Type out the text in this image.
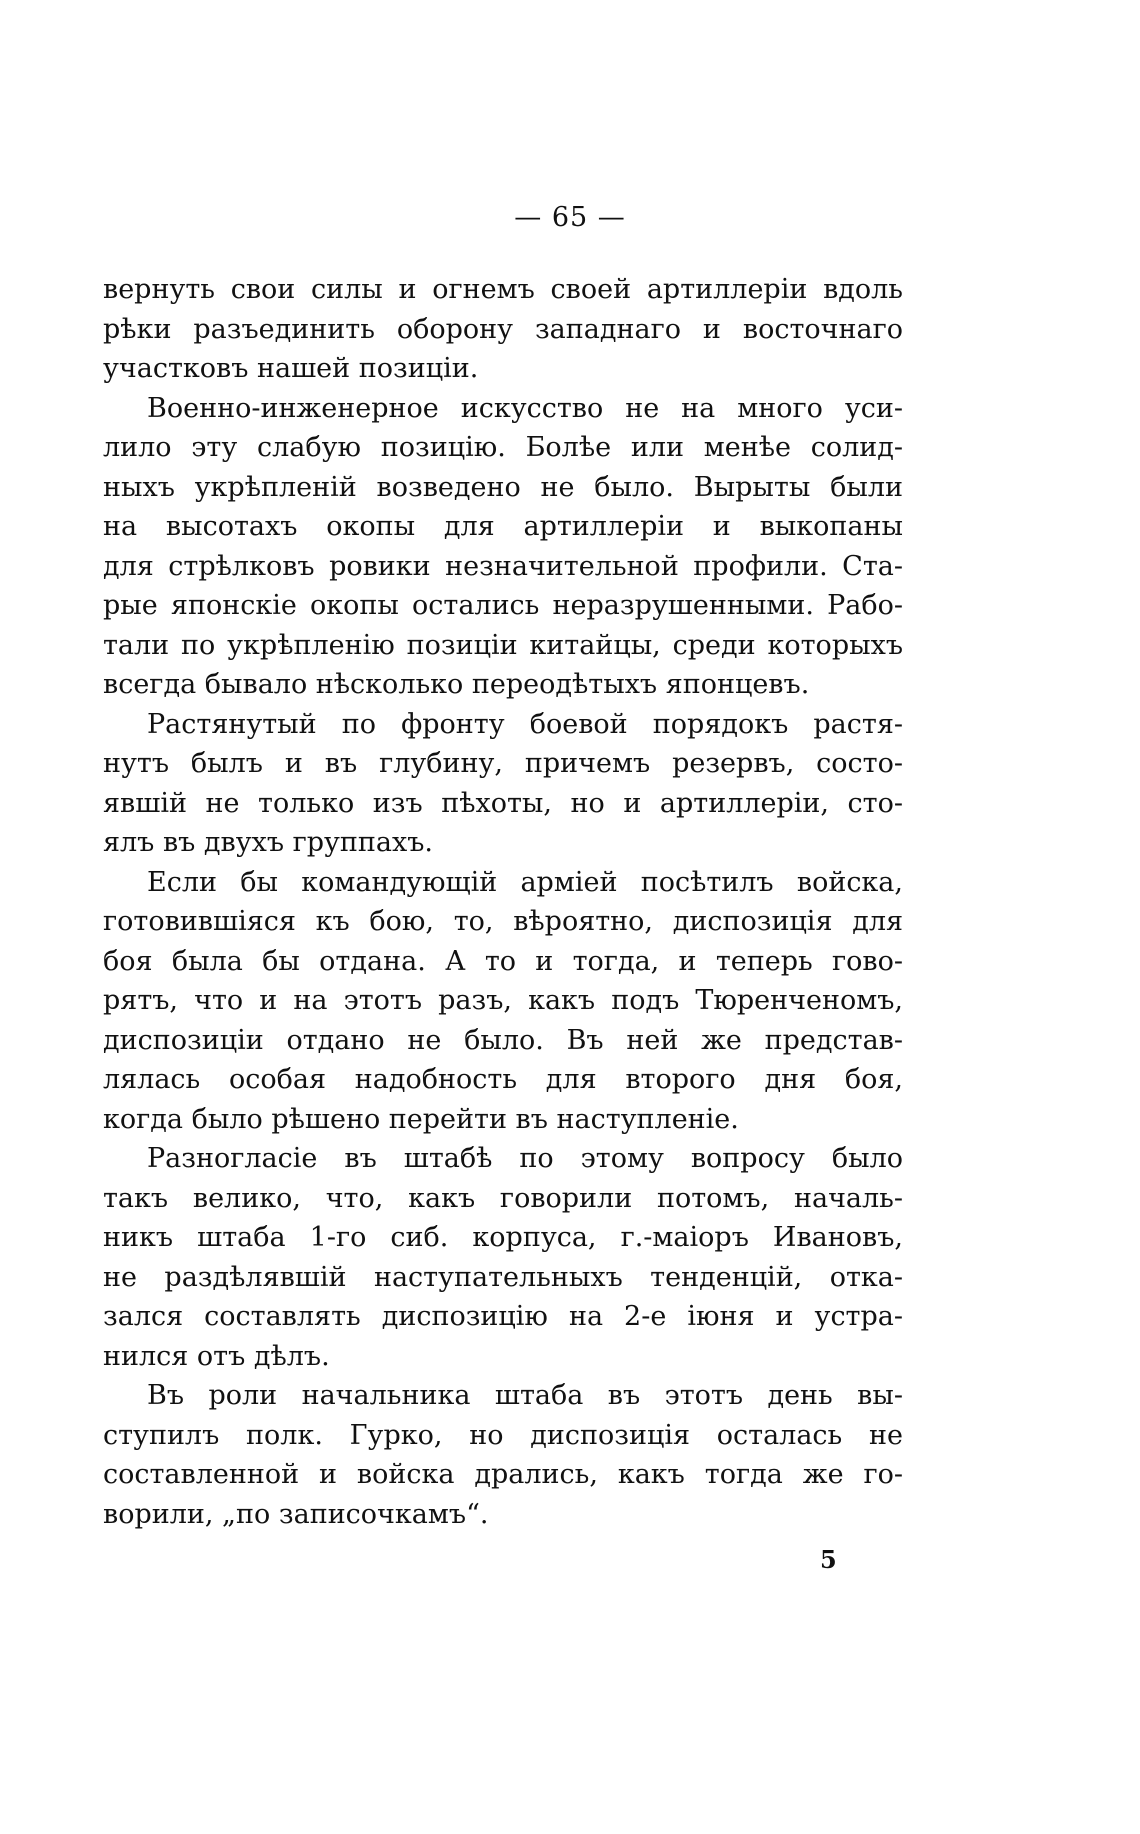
— 65 —
вернуть свои силы и огнемъ своей артиллеріи вдоль
рѣки разъединить оборону западнаго и восточнаго
участковъ нашей позиціи.
Военно-инженерное искусство не на много уси-
лило эту слабую позицію. Болѣе или менѣе солид-
ныхъ укрѣпленій возведено не было. Вырыты были
на высотахъ окопы для артиллеріи и выкопаны
для стрѣлковъ ровики незначительной профили. Ста-
рые японскіе окопы остались неразрушенными. Рабо-
тали по укрѣпленію позиціи китайцы, среди которыхъ
всегда бывало нѣсколько переодѣтыхъ японцевъ.
Растянутый по фронту боевой порядокъ растя-
нутъ былъ и въ глубину, причемъ резервъ, состо-
явшій не только изъ пѣхоты, но и артиллеріи, сто-
ялъ въ двухъ группахъ.
Если бы командующій арміей посѣтилъ войска,
готовившіяся къ бою, то, вѣроятно, диспозиція для
боя была бы отдана. А то и тогда, и теперь гово-
рятъ, что и на этотъ разъ, какъ подъ Тюренченомъ,
диспозиціи отдано не было. Въ ней же представ-
лялась особая надобность для второго дня боя,
когда было рѣшено перейти въ наступленіе.
Разногласіе въ штабѣ по этому вопросу было
такъ велико, что, какъ говорили потомъ, началь-
никъ штаба 1-го сиб. корпуса, г.-маіоръ Ивановъ,
не раздѣлявшій наступательныхъ тенденцій, отка-
зался составлять диспозицію на 2-е іюня и устра-
нился отъ дѣлъ.
Въ роли начальника штаба въ этотъ день вы-
ступилъ полк. Гурко, но диспозиція осталась не
составленной и войска дрались, какъ тогда же го-
ворили, „по записочкамъ“.
5
